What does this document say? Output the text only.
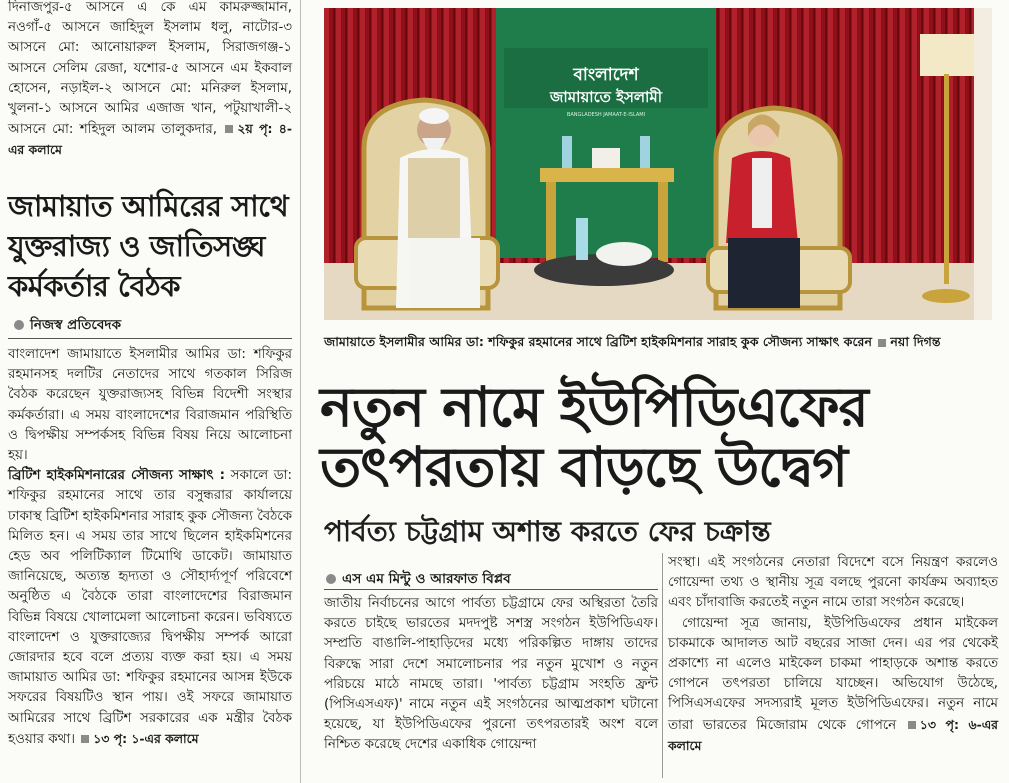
দিনাজপুর-৫ আসনে এ কে এম কামরুজ্জামান, নওগাঁ-৫ আসনে জাহিদুল ইসলাম ধলু, নাটোর-৩ আসনে মো: আনোয়ারুল ইসলাম, সিরাজগঞ্জ-১ আসনে সেলিম রেজা, যশোর-৫ আসনে এম ইকবাল হোসেন, নড়াইল-২ আসনে মো: মনিরুল ইসলাম, খুলনা-১ আসনে আমির এজাজ খান, পটুয়াখালী-২ আসনে মো: শহিদুল আলম তালুকদার, ২য় পৃ: ৪-এর কলামে

জামায়াত আমিরের সাথে যুক্তরাজ্য ও জাতিসঙ্ঘ কর্মকর্তার বৈঠক
নিজস্ব প্রতিবেদক

বাংলাদেশ জামায়াতে ইসলামীর আমির ডা: শফিকুর রহমানসহ দলটির নেতাদের সাথে গতকাল সিরিজ বৈঠক করেছেন যুক্তরাজ্যসহ বিভিন্ন বিদেশী সংস্থার কর্মকর্তারা। এ সময় বাংলাদেশের বিরাজমান পরিস্থিতি ও দ্বিপক্ষীয় সম্পর্কসহ বিভিন্ন বিষয় নিয়ে আলোচনা হয়।

ব্রিটিশ হাইকমিশনারের সৌজন্য সাক্ষাৎ : সকালে ডা: শফিকুর রহমানের সাথে তার বসুন্ধরার কার্যালয়ে ঢাকাস্থ ব্রিটিশ হাইকমিশনার সারাহ কুক সৌজন্য বৈঠকে মিলিত হন। এ সময় তার সাথে ছিলেন হাইকমিশনের হেড অব পলিটিক্যাল টিমোথি ডাকেট। জামায়াত জানিয়েছে, অত্যন্ত হৃদ্যতা ও সৌহার্দ্যপূর্ণ পরিবেশে অনুষ্ঠিত এ বৈঠকে তারা বাংলাদেশের বিরাজমান বিভিন্ন বিষয়ে খোলামেলা আলোচনা করেন। ভবিষ্যতে বাংলাদেশ ও যুক্তরাজ্যের দ্বিপক্ষীয় সম্পর্ক আরো জোরদার হবে বলে প্রত্যয় ব্যক্ত করা হয়। এ সময় জামায়াত আমির ডা: শফিকুর রহমানের আসন্ন ইউকে সফরের বিষয়টিও স্থান পায়। ওই সফরে জামায়াত আমিরের সাথে ব্রিটিশ সরকারের এক মন্ত্রীর বৈঠক হওয়ার কথা। ১৩ পৃ: ১-এর কলামে

বাংলাদেশ
জামায়াতে ইসলামী
BANGLADESH JAMAAT-E-ISLAMI
জামায়াতে ইসলামীর আমির ডা: শফিকুর রহমানের সাথে ব্রিটিশ হাইকমিশনার সারাহ কুক সৌজন্য সাক্ষাৎ করেন নয়া দিগন্ত
নতুন নামে ইউপিডিএফের
তৎপরতায় বাড়ছে উদ্বেগ
পার্বত্য চট্টগ্রাম অশান্ত করতে ফের চক্রান্ত
এস এম মিন্টু ও আরফাত বিপ্লব

জাতীয় নির্বাচনের আগে পার্বত্য চট্টগ্রামে ফের অস্থিরতা তৈরি করতে চাইছে ভারতের মদদপুষ্ট সশস্ত্র সংগঠন ইউপিডিএফ। সম্প্রতি বাঙালি-পাহাড়িদের মধ্যে পরিকল্পিত দাঙ্গায় তাদের বিরুদ্ধে সারা দেশে সমালোচনার পর নতুন মুখোশ ও নতুন পরিচয়ে মাঠে নামছে তারা। 'পার্বত্য চট্টগ্রাম সংহতি ফ্রন্ট (পিসিএসএফ)' নামে নতুন এই সংগঠনের আত্মপ্রকাশ ঘটানো হয়েছে, যা ইউপিডিএফের পুরনো তৎপরতারই অংশ বলে নিশ্চিত করেছে দেশের একাধিক গোয়েন্দা

সংস্থা। এই সংগঠনের নেতারা বিদেশে বসে নিয়ন্ত্রণ করলেও গোয়েন্দা তথ্য ও স্থানীয় সূত্র বলছে পুরনো কার্যক্রম অব্যাহত এবং চাঁদাবাজি করতেই নতুন নামে তারা সংগঠন করেছে।

গোয়েন্দা সূত্র জানায়, ইউপিডিএফের প্রধান মাইকেল চাকমাকে আদালত আট বছরের সাজা দেন। এর পর থেকেই প্রকাশ্যে না এলেও মাইকেল চাকমা পাহাড়কে অশান্ত করতে গোপনে তৎপরতা চালিয়ে যাচ্ছেন। অভিযোগ উঠেছে, পিসিএসএফের সদস্যরাই মূলত ইউপিডিএফের। নতুন নামে তারা ভারতের মিজোরাম থেকে গোপনে ১৩ পৃ: ৬-এর কলামে
